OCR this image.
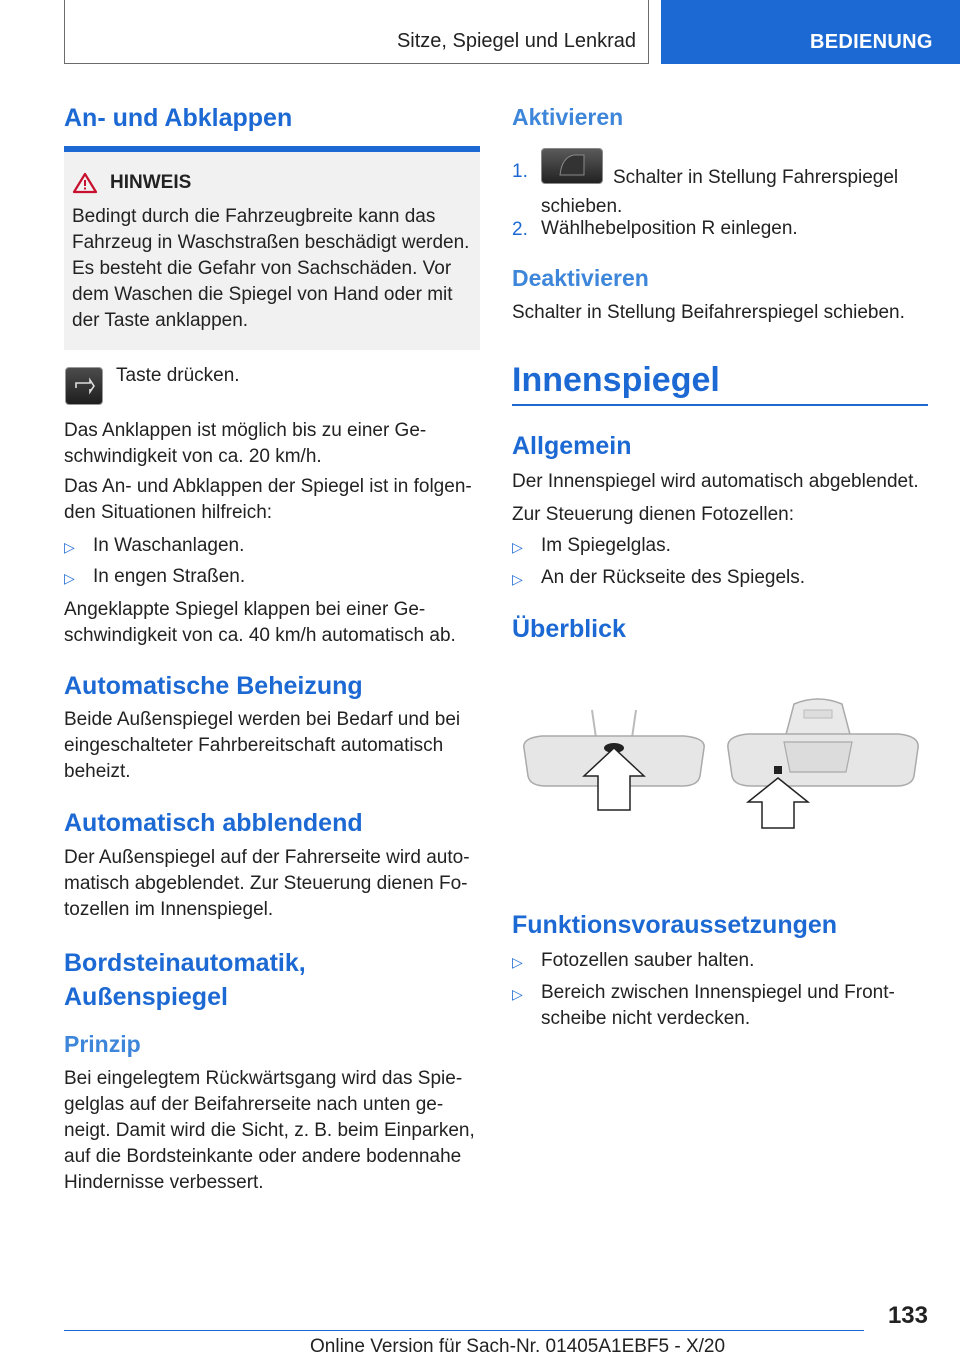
Sitze, Spiegel und Lenkrad	BEDIENUNG
An- und Abklappen
HINWEIS

Bedingt durch die Fahrzeugbreite kann das

Fahrzeug in Waschstraßen beschädigt werden.

Es besteht die Gefahr von Sachschäden. Vor

dem Waschen die Spiegel von Hand oder mit

der Taste anklappen.

Taste drücken.

Das Anklappen ist möglich bis zu einer Ge-

schwindigkeit von ca. 20 km/h.

Das An- und Abklappen der Spiegel ist in folgen-

den Situationen hilfreich:

▷ In Waschanlagen.
▷ In engen Straßen.

Angeklappte Spiegel klappen bei einer Ge-

schwindigkeit von ca. 40 km/h automatisch ab.

Automatische Beheizung

Beide Außenspiegel werden bei Bedarf und bei

eingeschalteter Fahrbereitschaft automatisch

beheizt.

Automatisch abblendend

Der Außenspiegel auf der Fahrerseite wird auto-

matisch abgeblendet. Zur Steuerung dienen Fo-

tozellen im Innenspiegel.

Bordsteinautomatik,
Außenspiegel
Prinzip

Bei eingelegtem Rückwärtsgang wird das Spie-

gelglas auf der Beifahrerseite nach unten ge-

neigt. Damit wird die Sicht, z. B. beim Einparken,

auf die Bordsteinkante oder andere bodennahe

Hindernisse verbessert.

Aktivieren
1.	Schalter in Stellung Fahrerspiegel
schieben.
2. Wählhebelposition R einlegen.
Deaktivieren

Schalter in Stellung Beifahrerspiegel schieben.

Innenspiegel
Allgemein

Der Innenspiegel wird automatisch abgeblendet.

Zur Steuerung dienen Fotozellen:

▷ Im Spiegelglas.
▷ An der Rückseite des Spiegels.
Überblick
Funktionsvoraussetzungen
▷ Fotozellen sauber halten.
▷ Bereich zwischen Innenspiegel und Front-
scheibe nicht verdecken.
133
Online Version für Sach-Nr. 01405A1EBF5 - X/20
